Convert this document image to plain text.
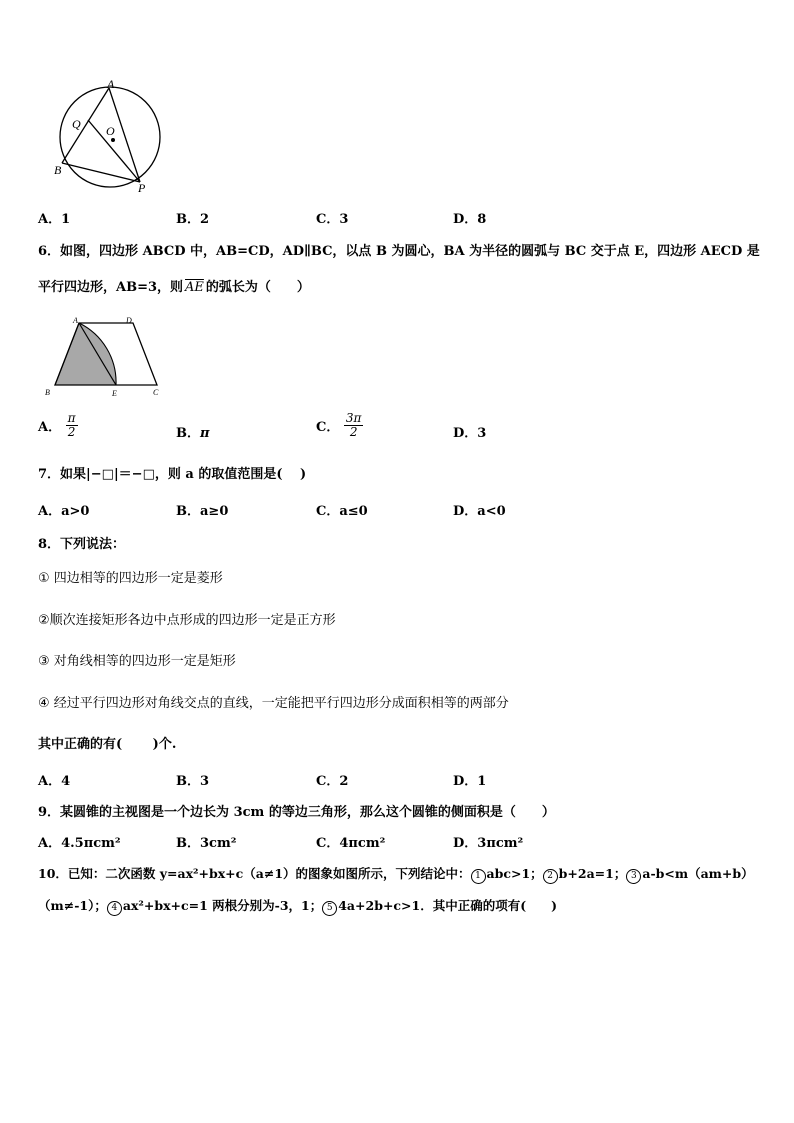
A
Q O
B
P
A．1	B．2	C．3	D．8
6．如图，四边形 ABCD 中，AB=CD，AD∥BC，以点 B 为圆心，BA 为半径的圆弧与 BC 交于点 E，四边形 AECD 是
平行四边形，AB=3，则 $\overline{AE}$ 的弧长为（　　）
A	D
B	E	C
A． $\frac{\pi}{2}$	B．π	C． $\frac{3\pi}{2}$	D．3
7．如果|−□|＝−□，则 a 的取值范围是(　 )
A．a>0	B．a≥0	C．a≤0	D．a<0
8．下列说法：
① 四边相等的四边形一定是菱形
②顺次连接矩形各边中点形成的四边形一定是正方形
③ 对角线相等的四边形一定是矩形
④ 经过平行四边形对角线交点的直线，一定能把平行四边形分成面积相等的两部分
其中正确的有(　　 )个.
A．4	B．3	C．2	D．1
9．某圆锥的主视图是一个边长为 3cm 的等边三角形，那么这个圆锥的侧面积是（　　）
A．4.5πcm²	B．3cm²	C．4πcm²	D．3πcm²
10．已知：二次函数 y=ax²+bx+c（a≠1）的图象如图所示，下列结论中： 1 abc>1； 2 b+2a=1； 3 a-b<m（am+b）
（m≠-1）； 4 ax²+bx+c=1 两根分别为-3，1； 5 4a+2b+c>1．其中正确的项有(　　)
